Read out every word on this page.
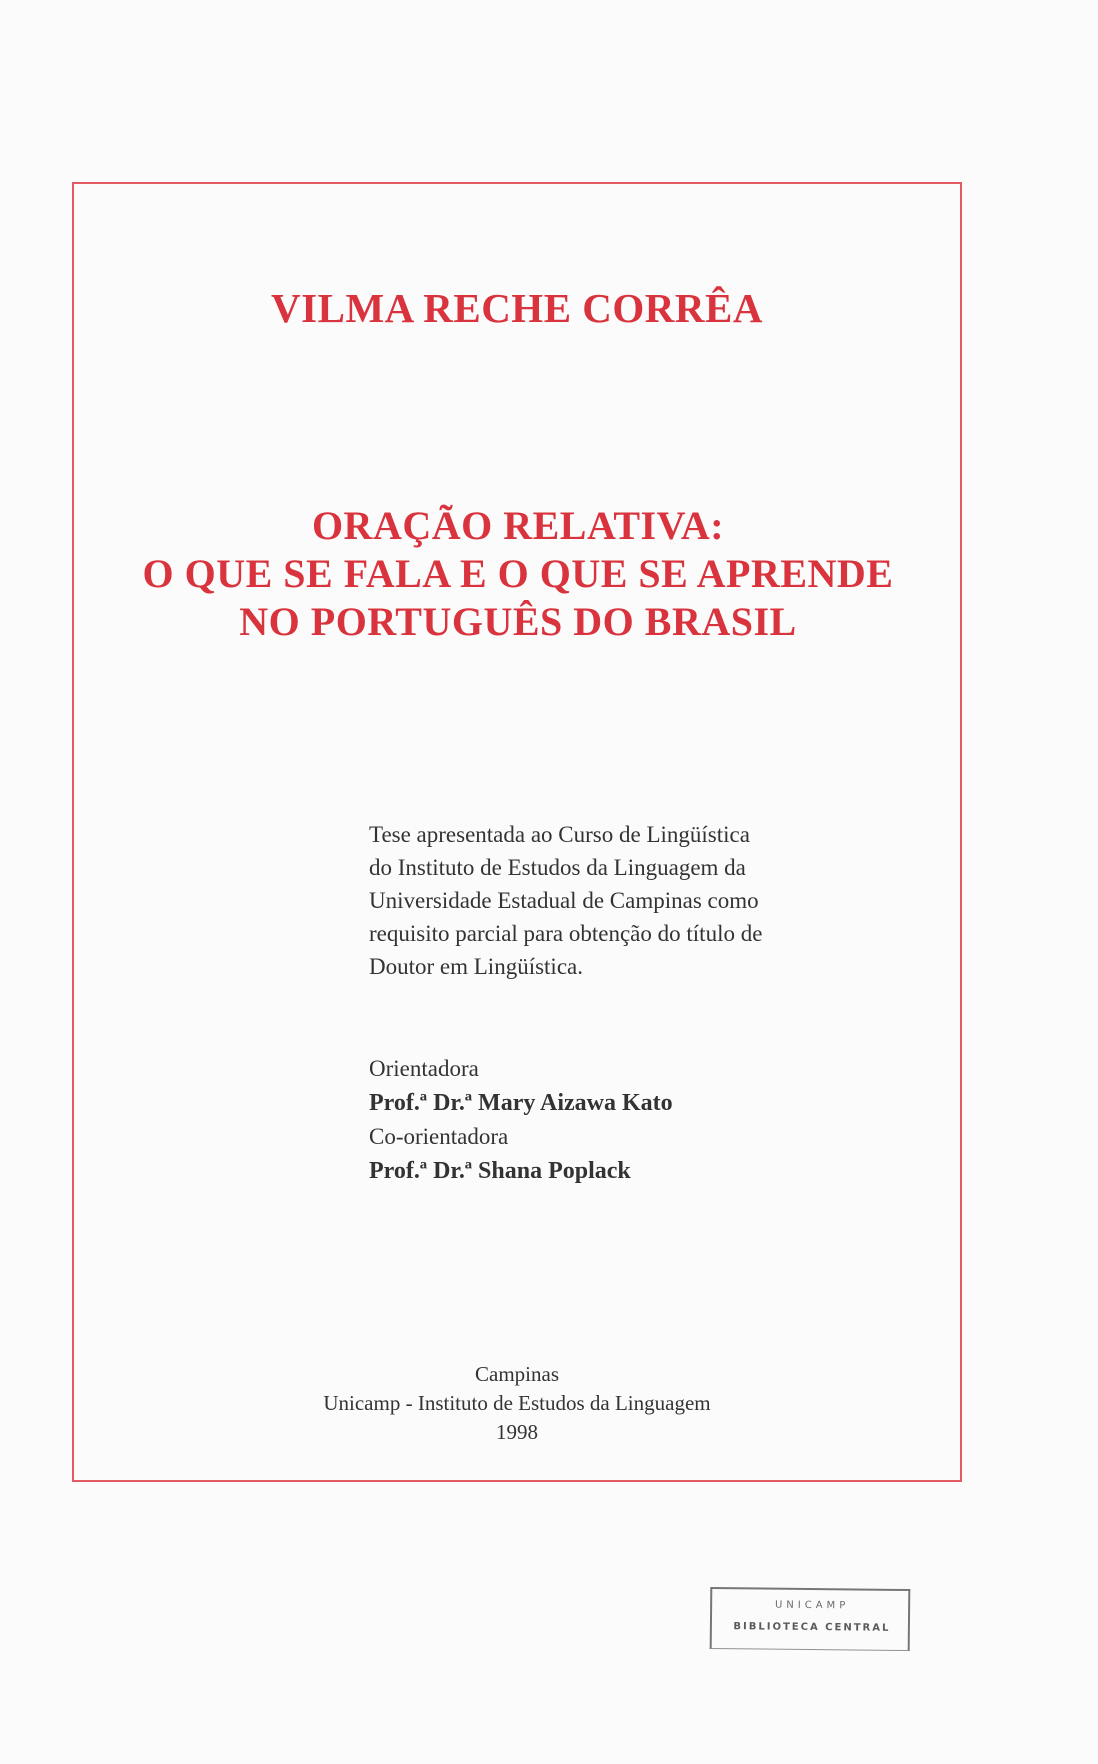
VILMA RECHE CORRÊA
ORAÇÃO RELATIVA:
O QUE SE FALA E O QUE SE APRENDE
NO PORTUGUÊS DO BRASIL
Tese apresentada ao Curso de Lingüística
do Instituto de Estudos da Linguagem da
Universidade Estadual de Campinas como
requisito parcial para obtenção do título de
Doutor em Lingüística.
Orientadora
Prof.ª Dr.ª Mary Aizawa Kato
Co-orientadora
Prof.ª Dr.ª Shana Poplack
Campinas
Unicamp - Instituto de Estudos da Linguagem
1998
UNICAMP
BIBLIOTECA CENTRAL
